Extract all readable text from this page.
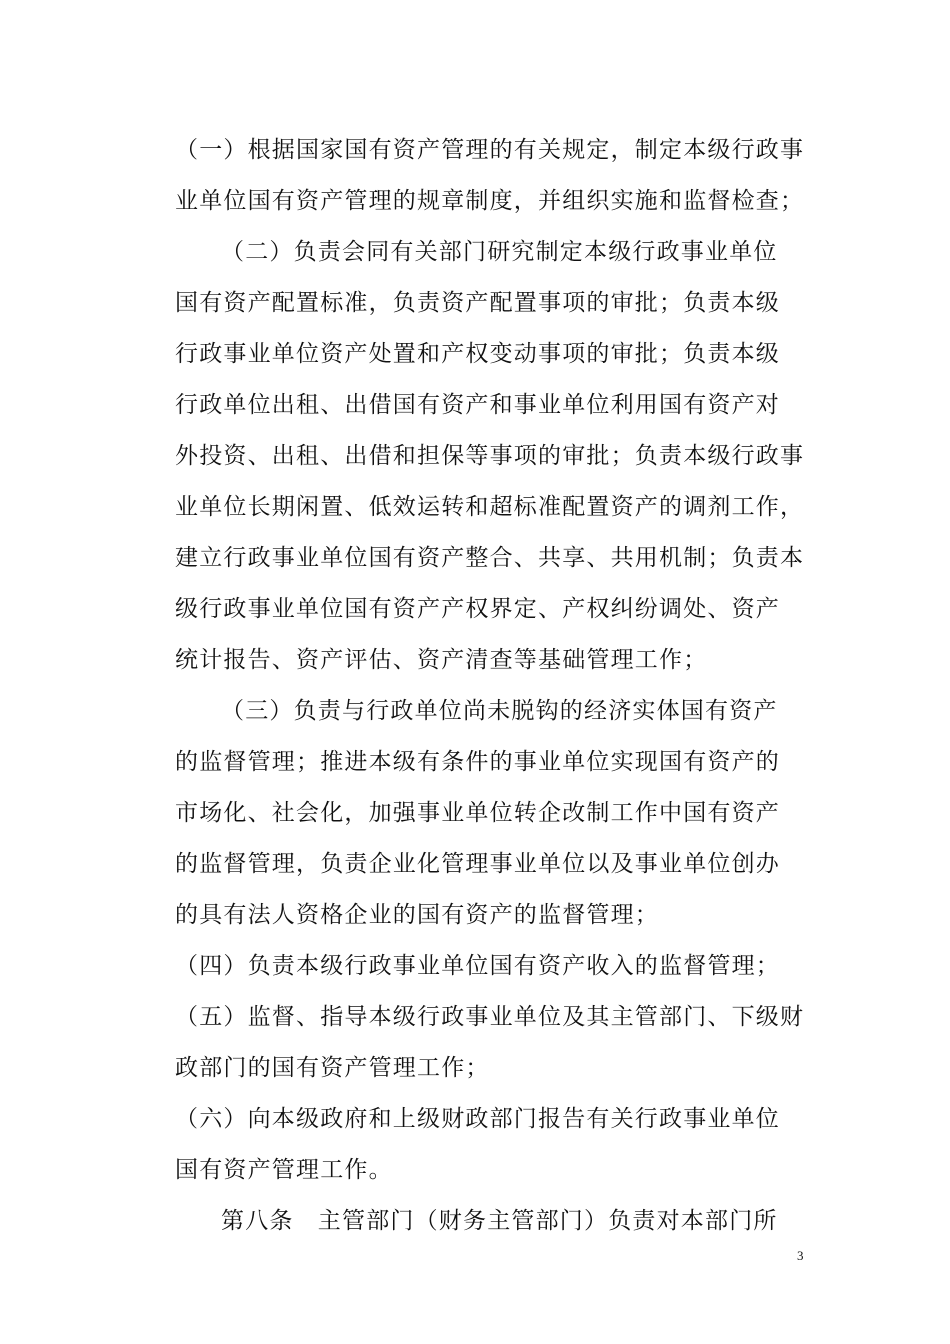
（一）根据国家国有资产管理的有关规定，制定本级行政事
业单位国有资产管理的规章制度，并组织实施和监督检查；
（二）负责会同有关部门研究制定本级行政事业单位
国有资产配置标准，负责资产配置事项的审批；负责本级
行政事业单位资产处置和产权变动事项的审批；负责本级
行政单位出租、出借国有资产和事业单位利用国有资产对
外投资、出租、出借和担保等事项的审批；负责本级行政事
业单位长期闲置、低效运转和超标准配置资产的调剂工作，
建立行政事业单位国有资产整合、共享、共用机制；负责本
级行政事业单位国有资产产权界定、产权纠纷调处、资产
统计报告、资产评估、资产清查等基础管理工作；
（三）负责与行政单位尚未脱钩的经济实体国有资产
的监督管理；推进本级有条件的事业单位实现国有资产的
市场化、社会化，加强事业单位转企改制工作中国有资产
的监督管理，负责企业化管理事业单位以及事业单位创办
的具有法人资格企业的国有资产的监督管理；
（四）负责本级行政事业单位国有资产收入的监督管理；
（五）监督、指导本级行政事业单位及其主管部门、下级财
政部门的国有资产管理工作；
（六）向本级政府和上级财政部门报告有关行政事业单位
国有资产管理工作。
第八条　主管部门（财务主管部门）负责对本部门所
3
